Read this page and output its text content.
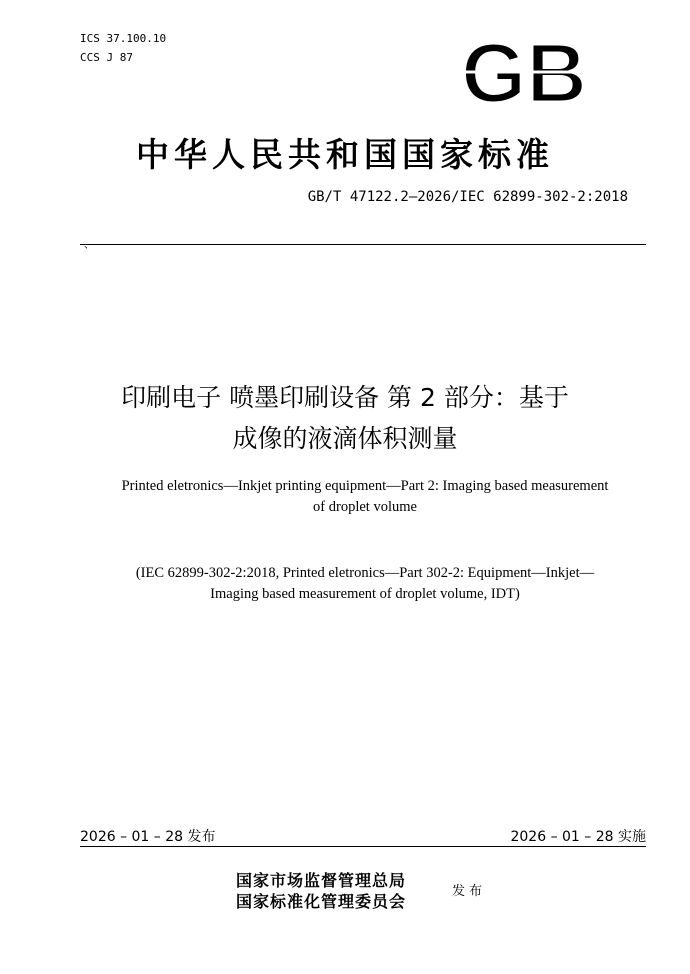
ICS 37.100.10
CCS J 87	GB
中华人民共和国国家标准
GB/T 47122.2—2026/IEC 62899-302-2:2018
、
印刷电子 喷墨印刷设备 第 2 部分：基于
成像的液滴体积测量
Printed eletronics—Inkjet printing equipment—Part 2: Imaging based measurement
of droplet volume
(IEC 62899-302-2:2018, Printed eletronics—Part 302-2: Equipment—Inkjet—
Imaging based measurement of droplet volume, IDT)
2026 – 01 – 28 发布	2026 – 01 – 28 实施
国家市场监督管理总局
国家标准化管理委员会
发布
